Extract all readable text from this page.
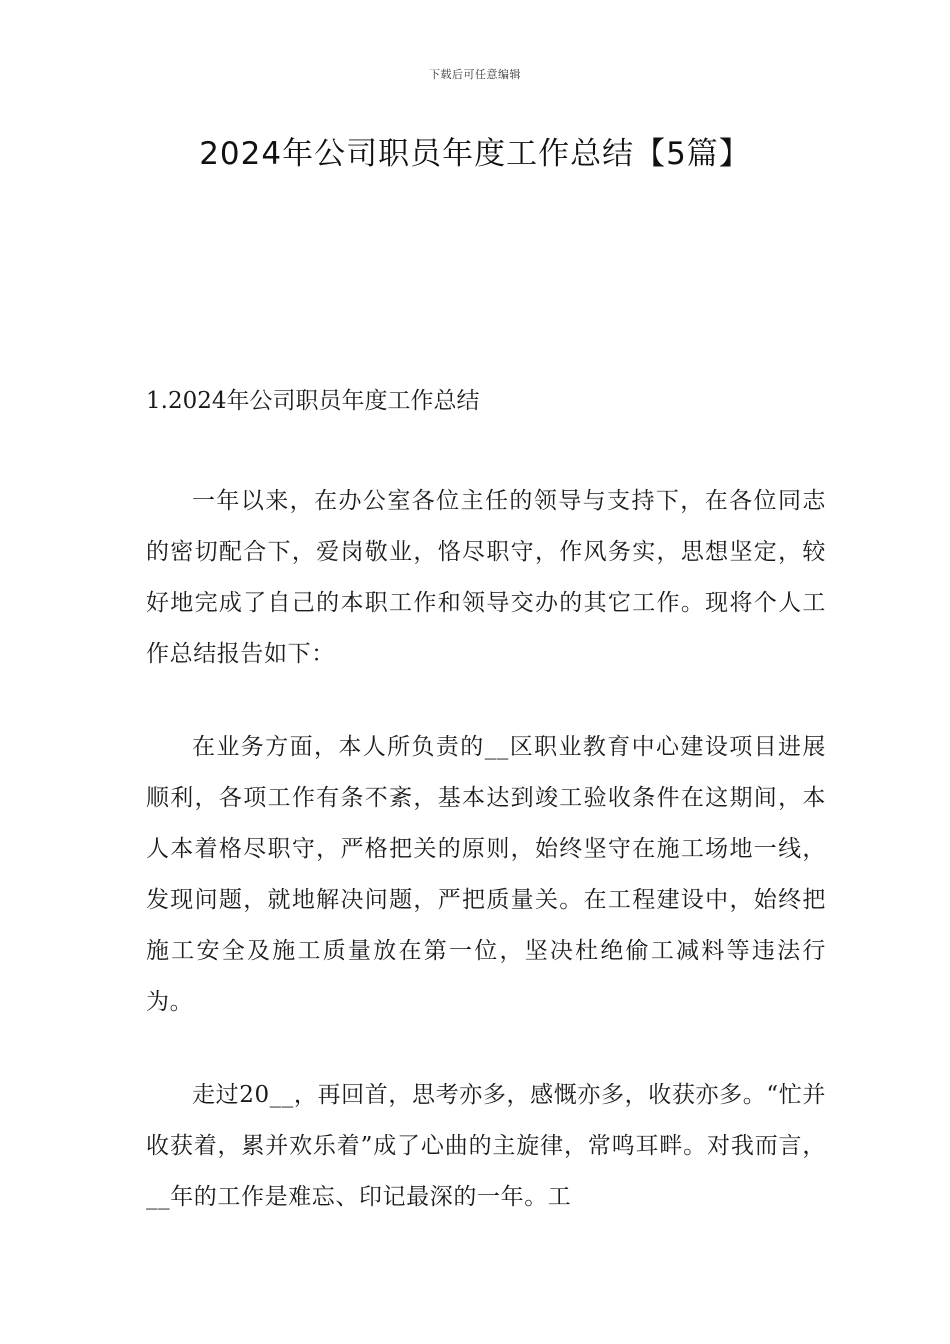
下载后可任意编辑
2024年公司职员年度工作总结【5篇】
1.2024年公司职员年度工作总结

一年以来，在办公室各位主任的领导与支持下，在各位同志的密切配合下，爱岗敬业，恪尽职守，作风务实，思想坚定，较好地完成了自己的本职工作和领导交办的其它工作。现将个人工作总结报告如下：

在业务方面，本人所负责的__区职业教育中心建设项目进展顺利，各项工作有条不紊，基本达到竣工验收条件在这期间，本人本着格尽职守，严格把关的原则，始终坚守在施工场地一线，发现问题，就地解决问题，严把质量关。在工程建设中，始终把施工安全及施工质量放在第一位，坚决杜绝偷工减料等违法行为。

走过20__，再回首，思考亦多，感慨亦多，收获亦多。“忙并收获着，累并欢乐着”成了心曲的主旋律，常鸣耳畔。对我而言，__年的工作是难忘、印记最深的一年。工
